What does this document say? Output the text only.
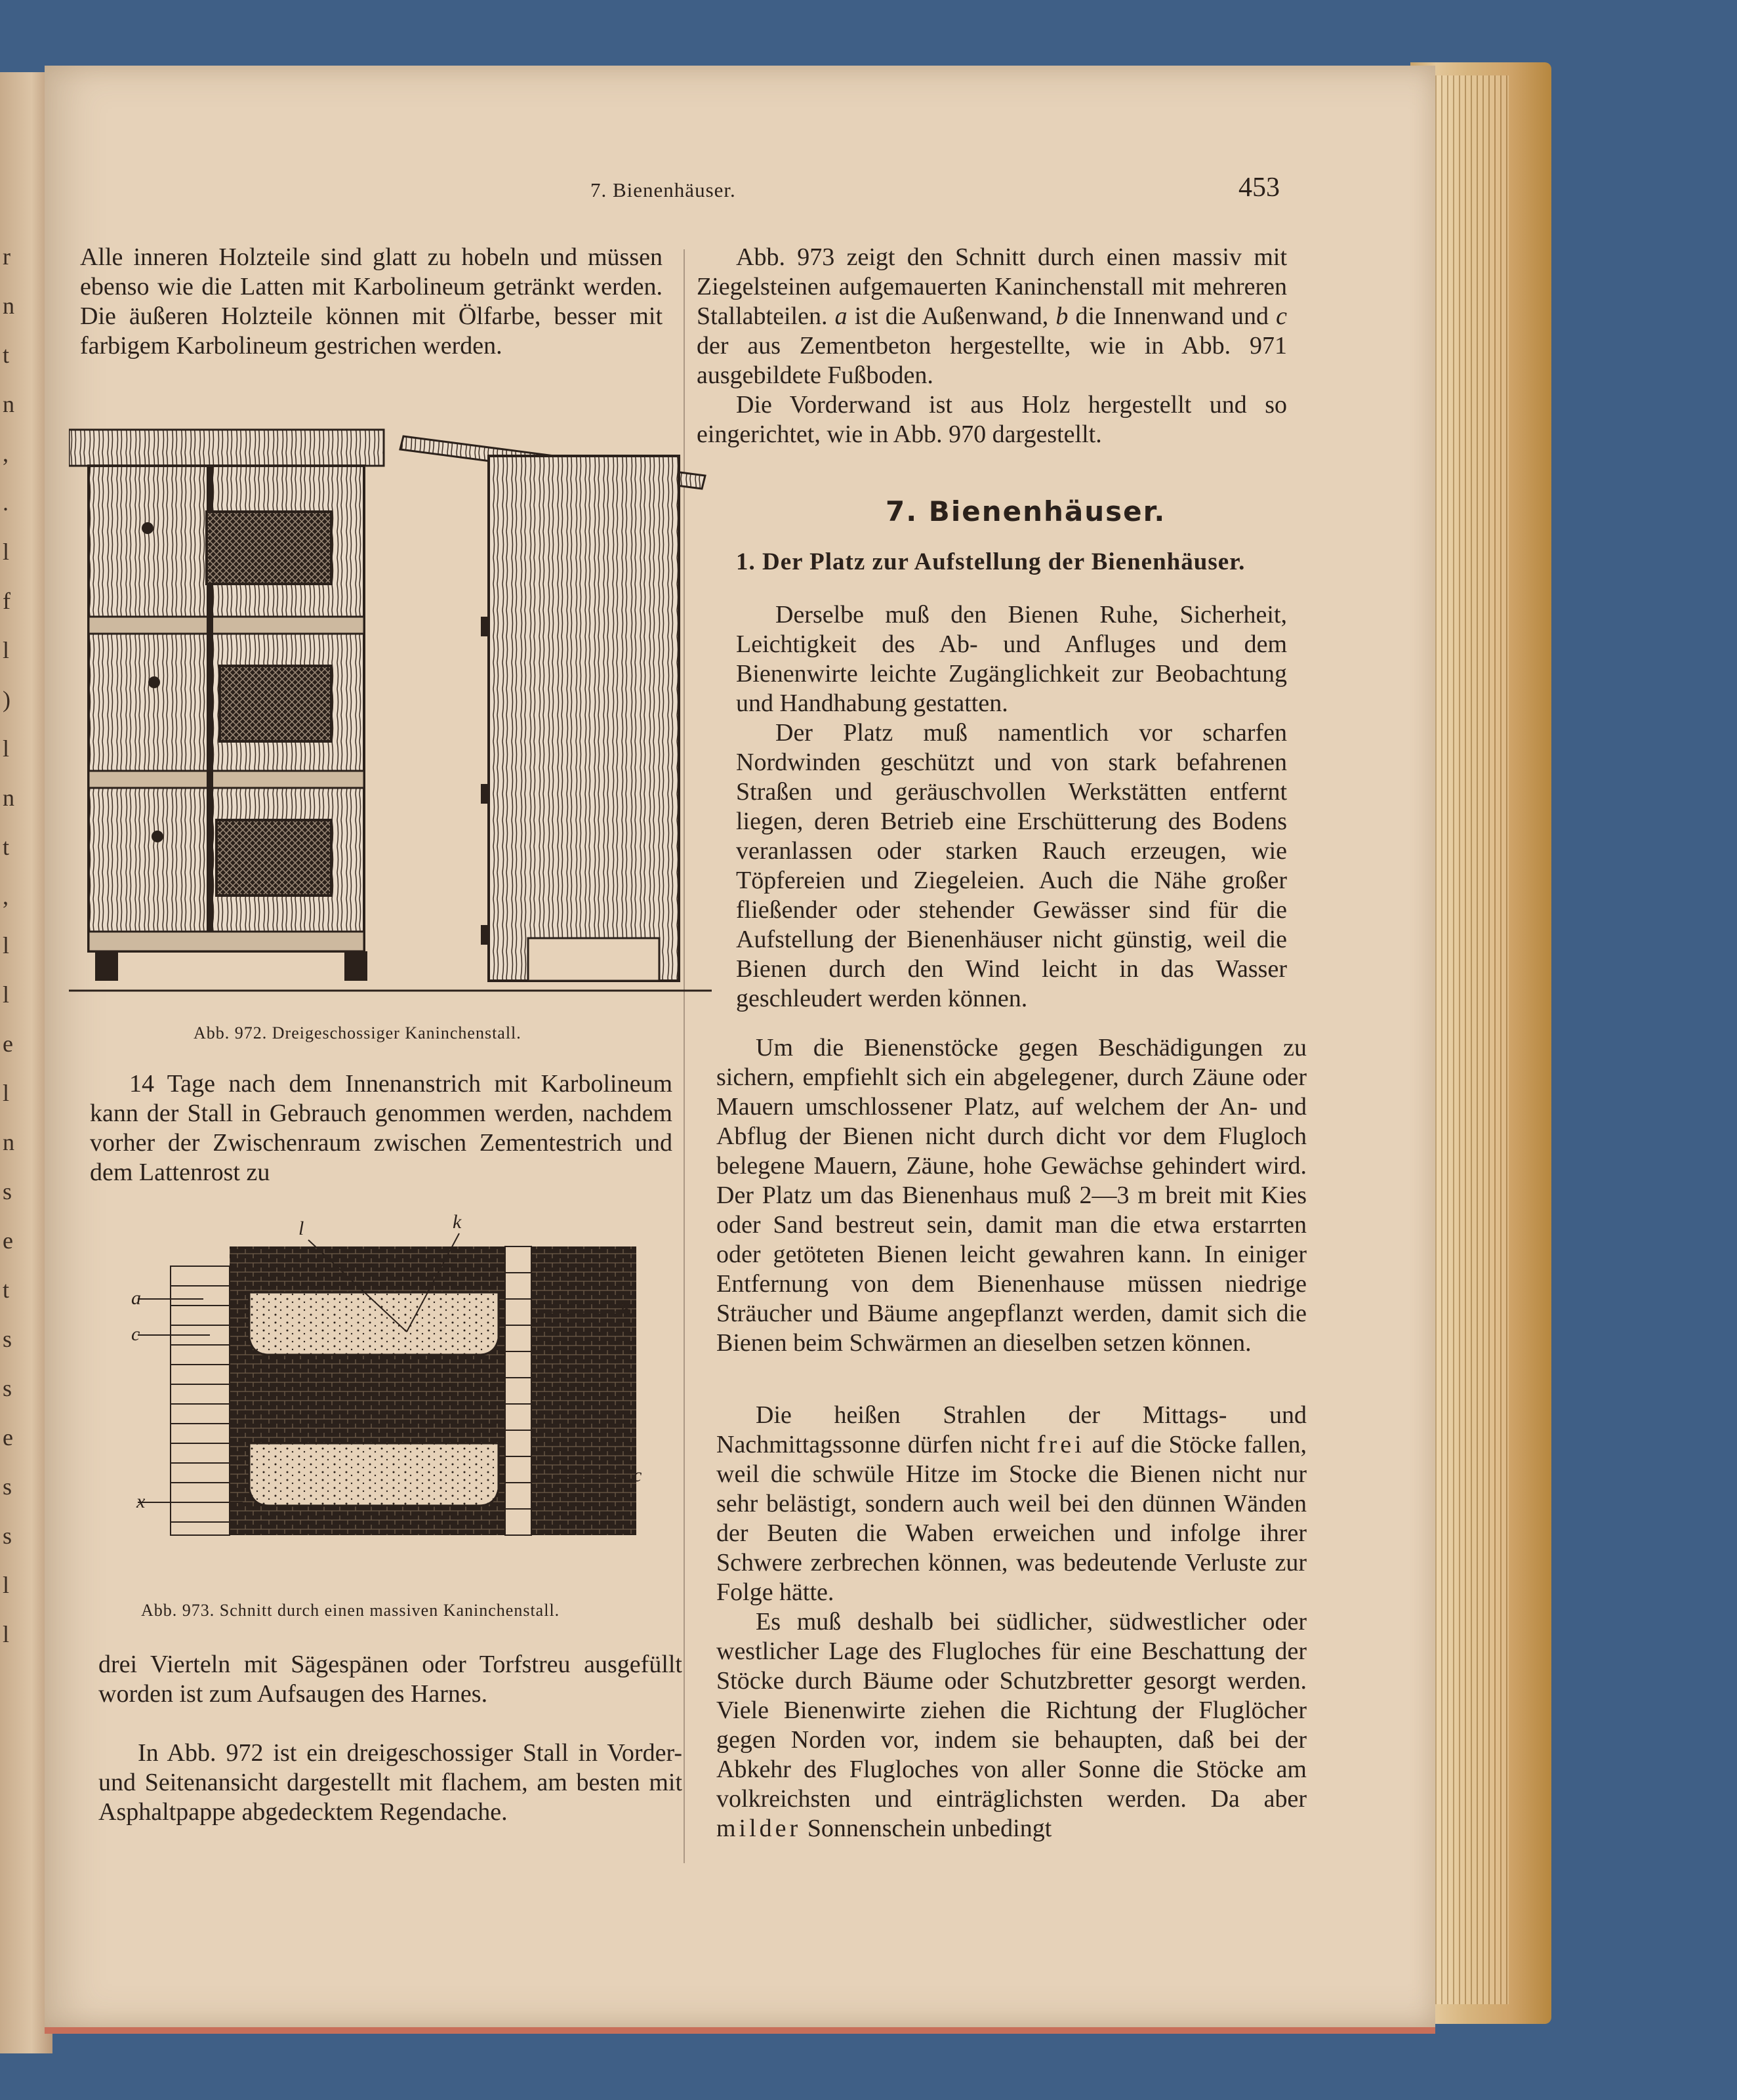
r
n
t
n
,
.
l
f
l
)
l
n
t
,
l
l
e
l
n
s
e
t
s
s
e
s
s
l
l
7. Bienenhäuser.	453

Alle inneren Holzteile sind glatt zu hobeln und müssen ebenso wie die Latten mit Karbolineum getränkt werden. Die äußeren Holzteile können mit Ölfarbe, besser mit farbigem Karbolineum gestrichen werden.

Abb. 972. Dreigeschossiger Kaninchenstall.

14 Tage nach dem Innenanstrich mit Karbolineum kann der Stall in Gebrauch genommen werden, nachdem vorher der Zwischenraum zwischen Zementestrich und dem Lattenrost zu

a
c
x
b
c
l	k
Abb. 973. Schnitt durch einen massiven Kaninchenstall.

drei Vierteln mit Sägespänen oder Torfstreu ausgefüllt worden ist zum Aufsaugen des Harnes.

In Abb. 972 ist ein dreigeschossiger Stall in Vorder- und Seitenansicht dargestellt mit flachem, am besten mit Asphaltpappe abgedecktem Regendache.

Abb. 973 zeigt den Schnitt durch einen massiv mit Ziegelsteinen aufgemauerten Kaninchenstall mit mehreren Stallabteilen. a ist die Außenwand, b die Innenwand und c der aus Zementbeton hergestellte, wie in Abb. 971 ausgebildete Fußboden.

Die Vorderwand ist aus Holz hergestellt und so eingerichtet, wie in Abb. 970 dargestellt.

7. Bienenhäuser.
1. Der Platz zur Aufstellung der Bienenhäuser.

Derselbe muß den Bienen Ruhe, Sicherheit, Leichtigkeit des Ab- und Anfluges und dem Bienenwirte leichte Zugänglichkeit zur Beobachtung und Handhabung gestatten.

Der Platz muß namentlich vor scharfen Nordwinden geschützt und von stark befahrenen Straßen und geräuschvollen Werkstätten entfernt liegen, deren Betrieb eine Erschütterung des Bodens veranlassen oder starken Rauch erzeugen, wie Töpfereien und Ziegeleien. Auch die Nähe großer fließender oder stehender Gewässer sind für die Aufstellung der Bienenhäuser nicht günstig, weil die Bienen durch den Wind leicht in das Wasser geschleudert werden können.

Um die Bienenstöcke gegen Beschädigungen zu sichern, empfiehlt sich ein abgelegener, durch Zäune oder Mauern umschlossener Platz, auf welchem der An- und Abflug der Bienen nicht durch dicht vor dem Flugloch belegene Mauern, Zäune, hohe Gewächse gehindert wird. Der Platz um das Bienenhaus muß 2—3 m breit mit Kies oder Sand bestreut sein, damit man die etwa erstarrten oder getöteten Bienen leicht gewahren kann. In einiger Entfernung von dem Bienenhause müssen niedrige Sträucher und Bäume angepflanzt werden, damit sich die Bienen beim Schwärmen an dieselben setzen können.

Die heißen Strahlen der Mittags- und Nachmittagssonne dürfen nicht frei auf die Stöcke fallen, weil die schwüle Hitze im Stocke die Bienen nicht nur sehr belästigt, sondern auch weil bei den dünnen Wänden der Beuten die Waben erweichen und infolge ihrer Schwere zerbrechen können, was bedeutende Verluste zur Folge hätte.

Es muß deshalb bei südlicher, südwestlicher oder westlicher Lage des Flugloches für eine Beschattung der Stöcke durch Bäume oder Schutzbretter gesorgt werden. Viele Bienenwirte ziehen die Richtung der Fluglöcher gegen Norden vor, indem sie behaupten, daß bei der Abkehr des Flugloches von aller Sonne die Stöcke am volkreichsten und einträglichsten werden. Da aber milder Sonnenschein unbedingt
